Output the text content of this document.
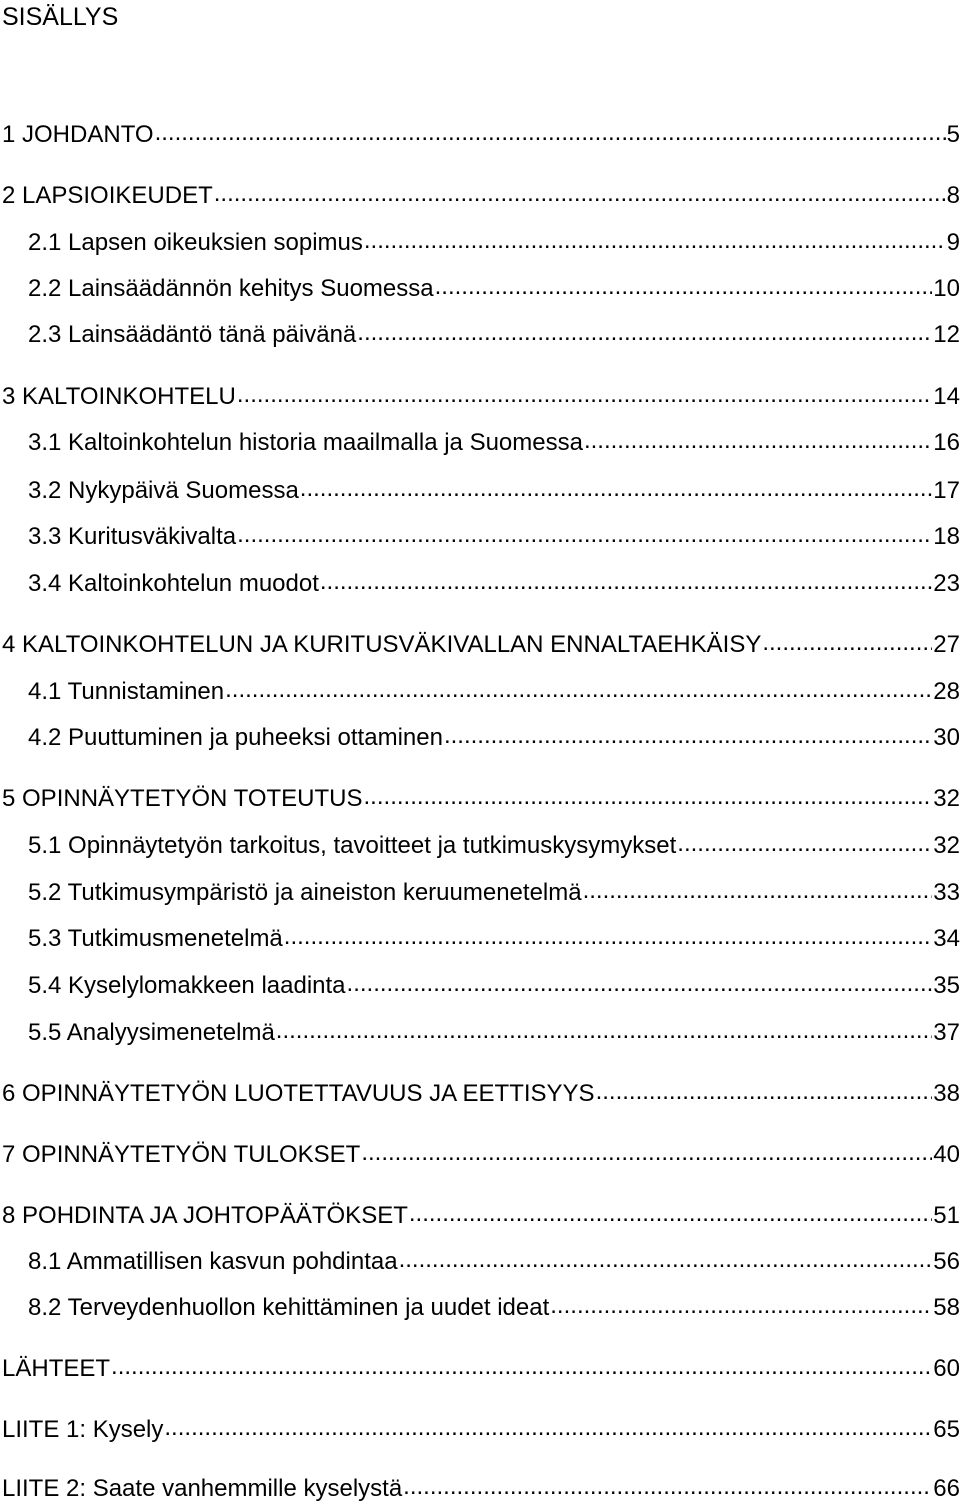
SISÄLLYS
1 JOHDANTO .....	5
2 LAPSIOIKEUDET .....	8
2.1 Lapsen oikeuksien sopimus .....	9
2.2 Lainsäädännön kehitys Suomessa .....	10
2.3 Lainsäädäntö tänä päivänä .....	12
3 KALTOINKOHTELU .....	14
3.1 Kaltoinkohtelun historia maailmalla ja Suomessa .....	16
3.2 Nykypäivä Suomessa .....	17
3.3 Kuritusväkivalta .....	18
3.4 Kaltoinkohtelun muodot .....	23
4 KALTOINKOHTELUN JA KURITUSVÄKIVALLAN ENNALTAEHKÄISY .....	27
4.1 Tunnistaminen .....	28
4.2 Puuttuminen ja puheeksi ottaminen .....	30
5 OPINNÄYTETYÖN TOTEUTUS .....	32
5.1 Opinnäytetyön tarkoitus, tavoitteet ja tutkimuskysymykset .....	32
5.2 Tutkimusympäristö ja aineiston keruumenetelmä .....	33
5.3 Tutkimusmenetelmä .....	34
5.4 Kyselylomakkeen laadinta .....	35
5.5 Analyysimenetelmä .....	37
6 OPINNÄYTETYÖN LUOTETTAVUUS JA EETTISYYS .....	38
7 OPINNÄYTETYÖN TULOKSET .....	40
8 POHDINTA JA JOHTOPÄÄTÖKSET .....	51
8.1 Ammatillisen kasvun pohdintaa .....	56
8.2 Terveydenhuollon kehittäminen ja uudet ideat .....	58
LÄHTEET .....	60
LIITE 1: Kysely .....	65
LIITE 2: Saate vanhemmille kyselystä .....	66
